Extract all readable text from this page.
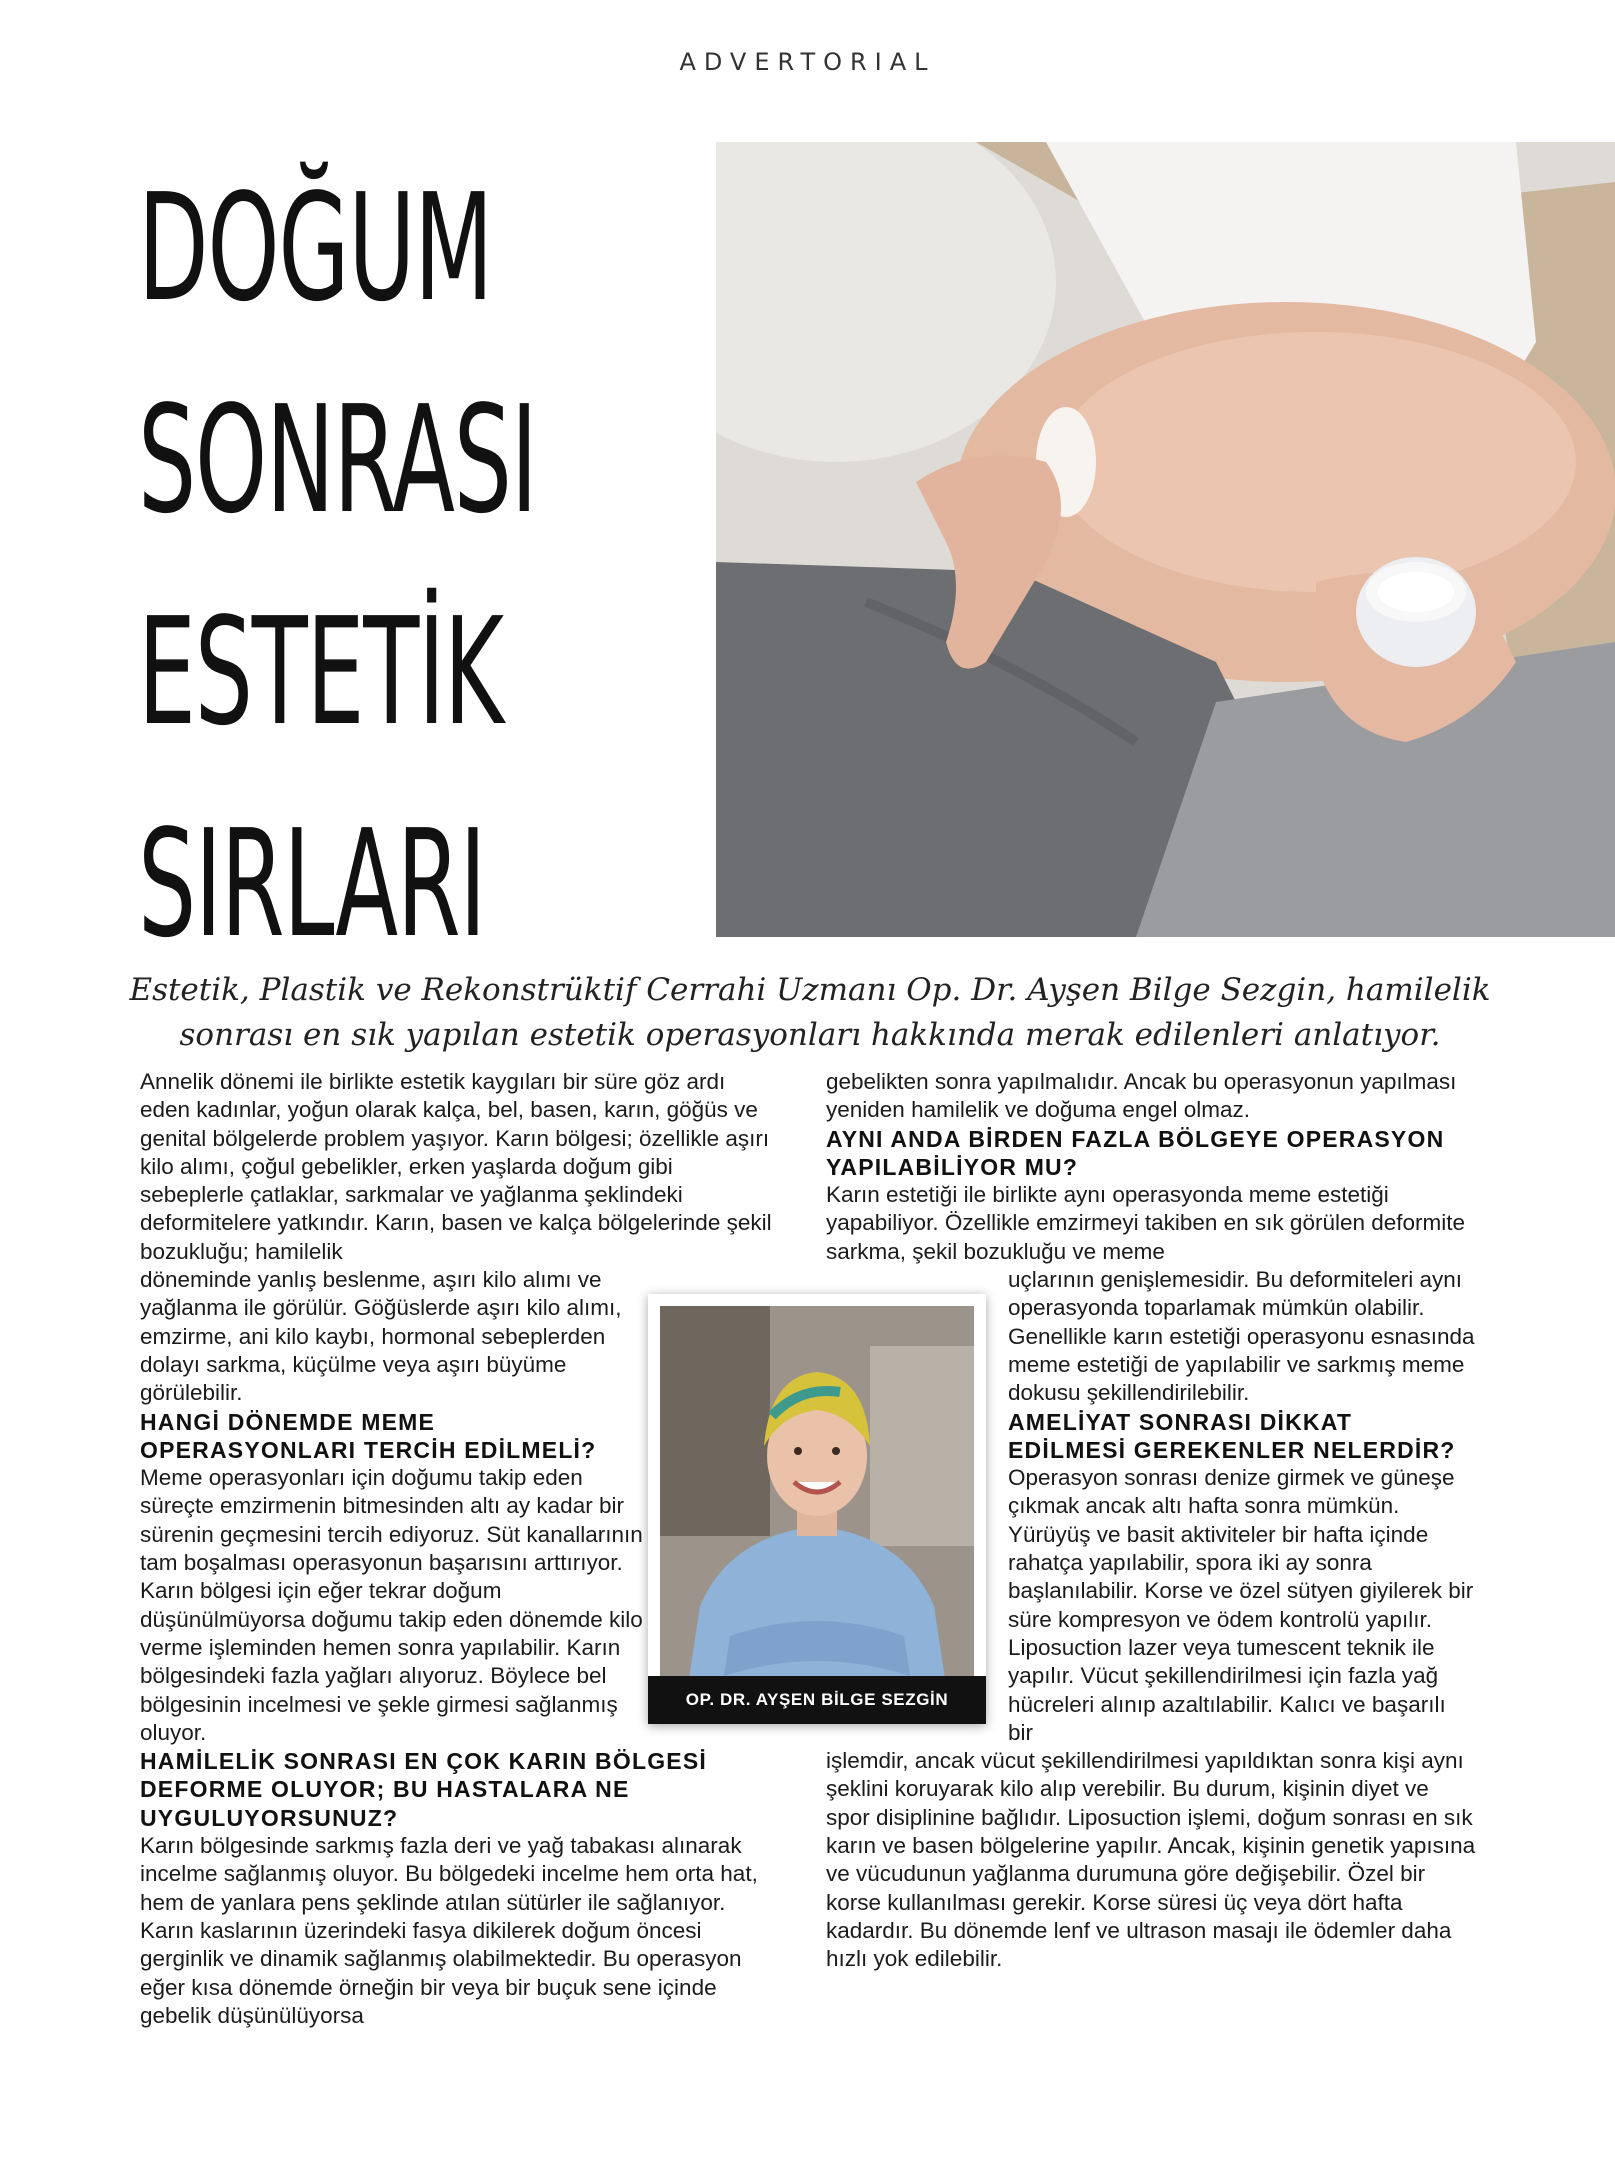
ADVERTORIAL
DOĞUM
SONRASI
ESTETİK
SIRLARI
Estetik, Plastik ve Rekonstrüktif Cerrahi Uzmanı Op. Dr. Ayşen Bilge Sezgin, hamilelik
sonrası en sık yapılan estetik operasyonları hakkında merak edilenleri anlatıyor.

Annelik dönemi ile birlikte estetik kaygıları bir süre göz ardı eden kadınlar, yoğun olarak kalça, bel, basen, karın, göğüs ve genital bölgelerde problem yaşıyor. Karın bölgesi; özellikle aşırı kilo alımı, çoğul gebelikler, erken yaşlarda doğum gibi sebeplerle çatlaklar, sarkmalar ve yağlanma şeklindeki deformitelere yatkındır. Karın, basen ve kalça bölgelerinde şekil bozukluğu; hamilelik

döneminde yanlış beslenme, aşırı kilo alımı ve yağlanma ile görülür. Göğüslerde aşırı kilo alımı, emzirme, ani kilo kaybı, hormonal sebeplerden dolayı sarkma, küçülme veya aşırı büyüme görülebilir.

HANGİ DÖNEMDE MEME OPERASYONLARI TERCİH EDİLMELİ?

Meme operasyonları için doğumu takip eden süreçte emzirmenin bitmesinden altı ay kadar bir sürenin geçmesini tercih ediyoruz. Süt kanallarının tam boşalması operasyonun başarısını arttırıyor. Karın bölgesi için eğer tekrar doğum düşünülmüyorsa doğumu takip eden dönemde kilo verme işleminden hemen sonra yapılabilir. Karın bölgesindeki fazla yağları alıyoruz. Böylece bel bölgesinin incelmesi ve şekle girmesi sağlanmış oluyor.

HAMİLELİK SONRASI EN ÇOK KARIN BÖLGESİ DEFORME OLUYOR; BU HASTALARA NE UYGULUYORSUNUZ?

Karın bölgesinde sarkmış fazla deri ve yağ tabakası alınarak incelme sağlanmış oluyor. Bu bölgedeki incelme hem orta hat, hem de yanlara pens şeklinde atılan sütürler ile sağlanıyor. Karın kaslarının üzerindeki fasya dikilerek doğum öncesi gerginlik ve dinamik sağlanmış olabilmektedir. Bu operasyon eğer kısa dönemde örneğin bir veya bir buçuk sene içinde gebelik düşünülüyorsa

gebelikten sonra yapılmalıdır. Ancak bu operasyonun yapılması yeniden hamilelik ve doğuma engel olmaz.

AYNI ANDA BİRDEN FAZLA BÖLGEYE OPERASYON YAPILABİLİYOR MU?

Karın estetiği ile birlikte aynı operasyonda meme estetiği yapabiliyor. Özellikle emzirmeyi takiben en sık görülen deformite sarkma, şekil bozukluğu ve meme

uçlarının genişlemesidir. Bu deformiteleri aynı operasyonda toparlamak mümkün olabilir. Genellikle karın estetiği operasyonu esnasında meme estetiği de yapılabilir ve sarkmış meme dokusu şekillendirilebilir.

AMELİYAT SONRASI DİKKAT EDİLMESİ GEREKENLER NELERDİR?

Operasyon sonrası denize girmek ve güneşe çıkmak ancak altı hafta sonra mümkün. Yürüyüş ve basit aktiviteler bir hafta içinde rahatça yapılabilir, spora iki ay sonra başlanılabilir. Korse ve özel sütyen giyilerek bir süre kompresyon ve ödem kontrolü yapılır. Liposuction lazer veya tumescent teknik ile yapılır. Vücut şekillendirilmesi için fazla yağ hücreleri alınıp azaltılabilir. Kalıcı ve başarılı bir

işlemdir, ancak vücut şekillendirilmesi yapıldıktan sonra kişi aynı şeklini koruyarak kilo alıp verebilir. Bu durum, kişinin diyet ve spor disiplinine bağlıdır. Liposuction işlemi, doğum sonrası en sık karın ve basen bölgelerine yapılır. Ancak, kişinin genetik yapısına ve vücudunun yağlanma durumuna göre değişebilir. Özel bir korse kullanılması gerekir. Korse süresi üç veya dört hafta kadardır. Bu dönemde lenf ve ultrason masajı ile ödemler daha hızlı yok edilebilir.

OP. DR. AYŞEN BİLGE SEZGİN
